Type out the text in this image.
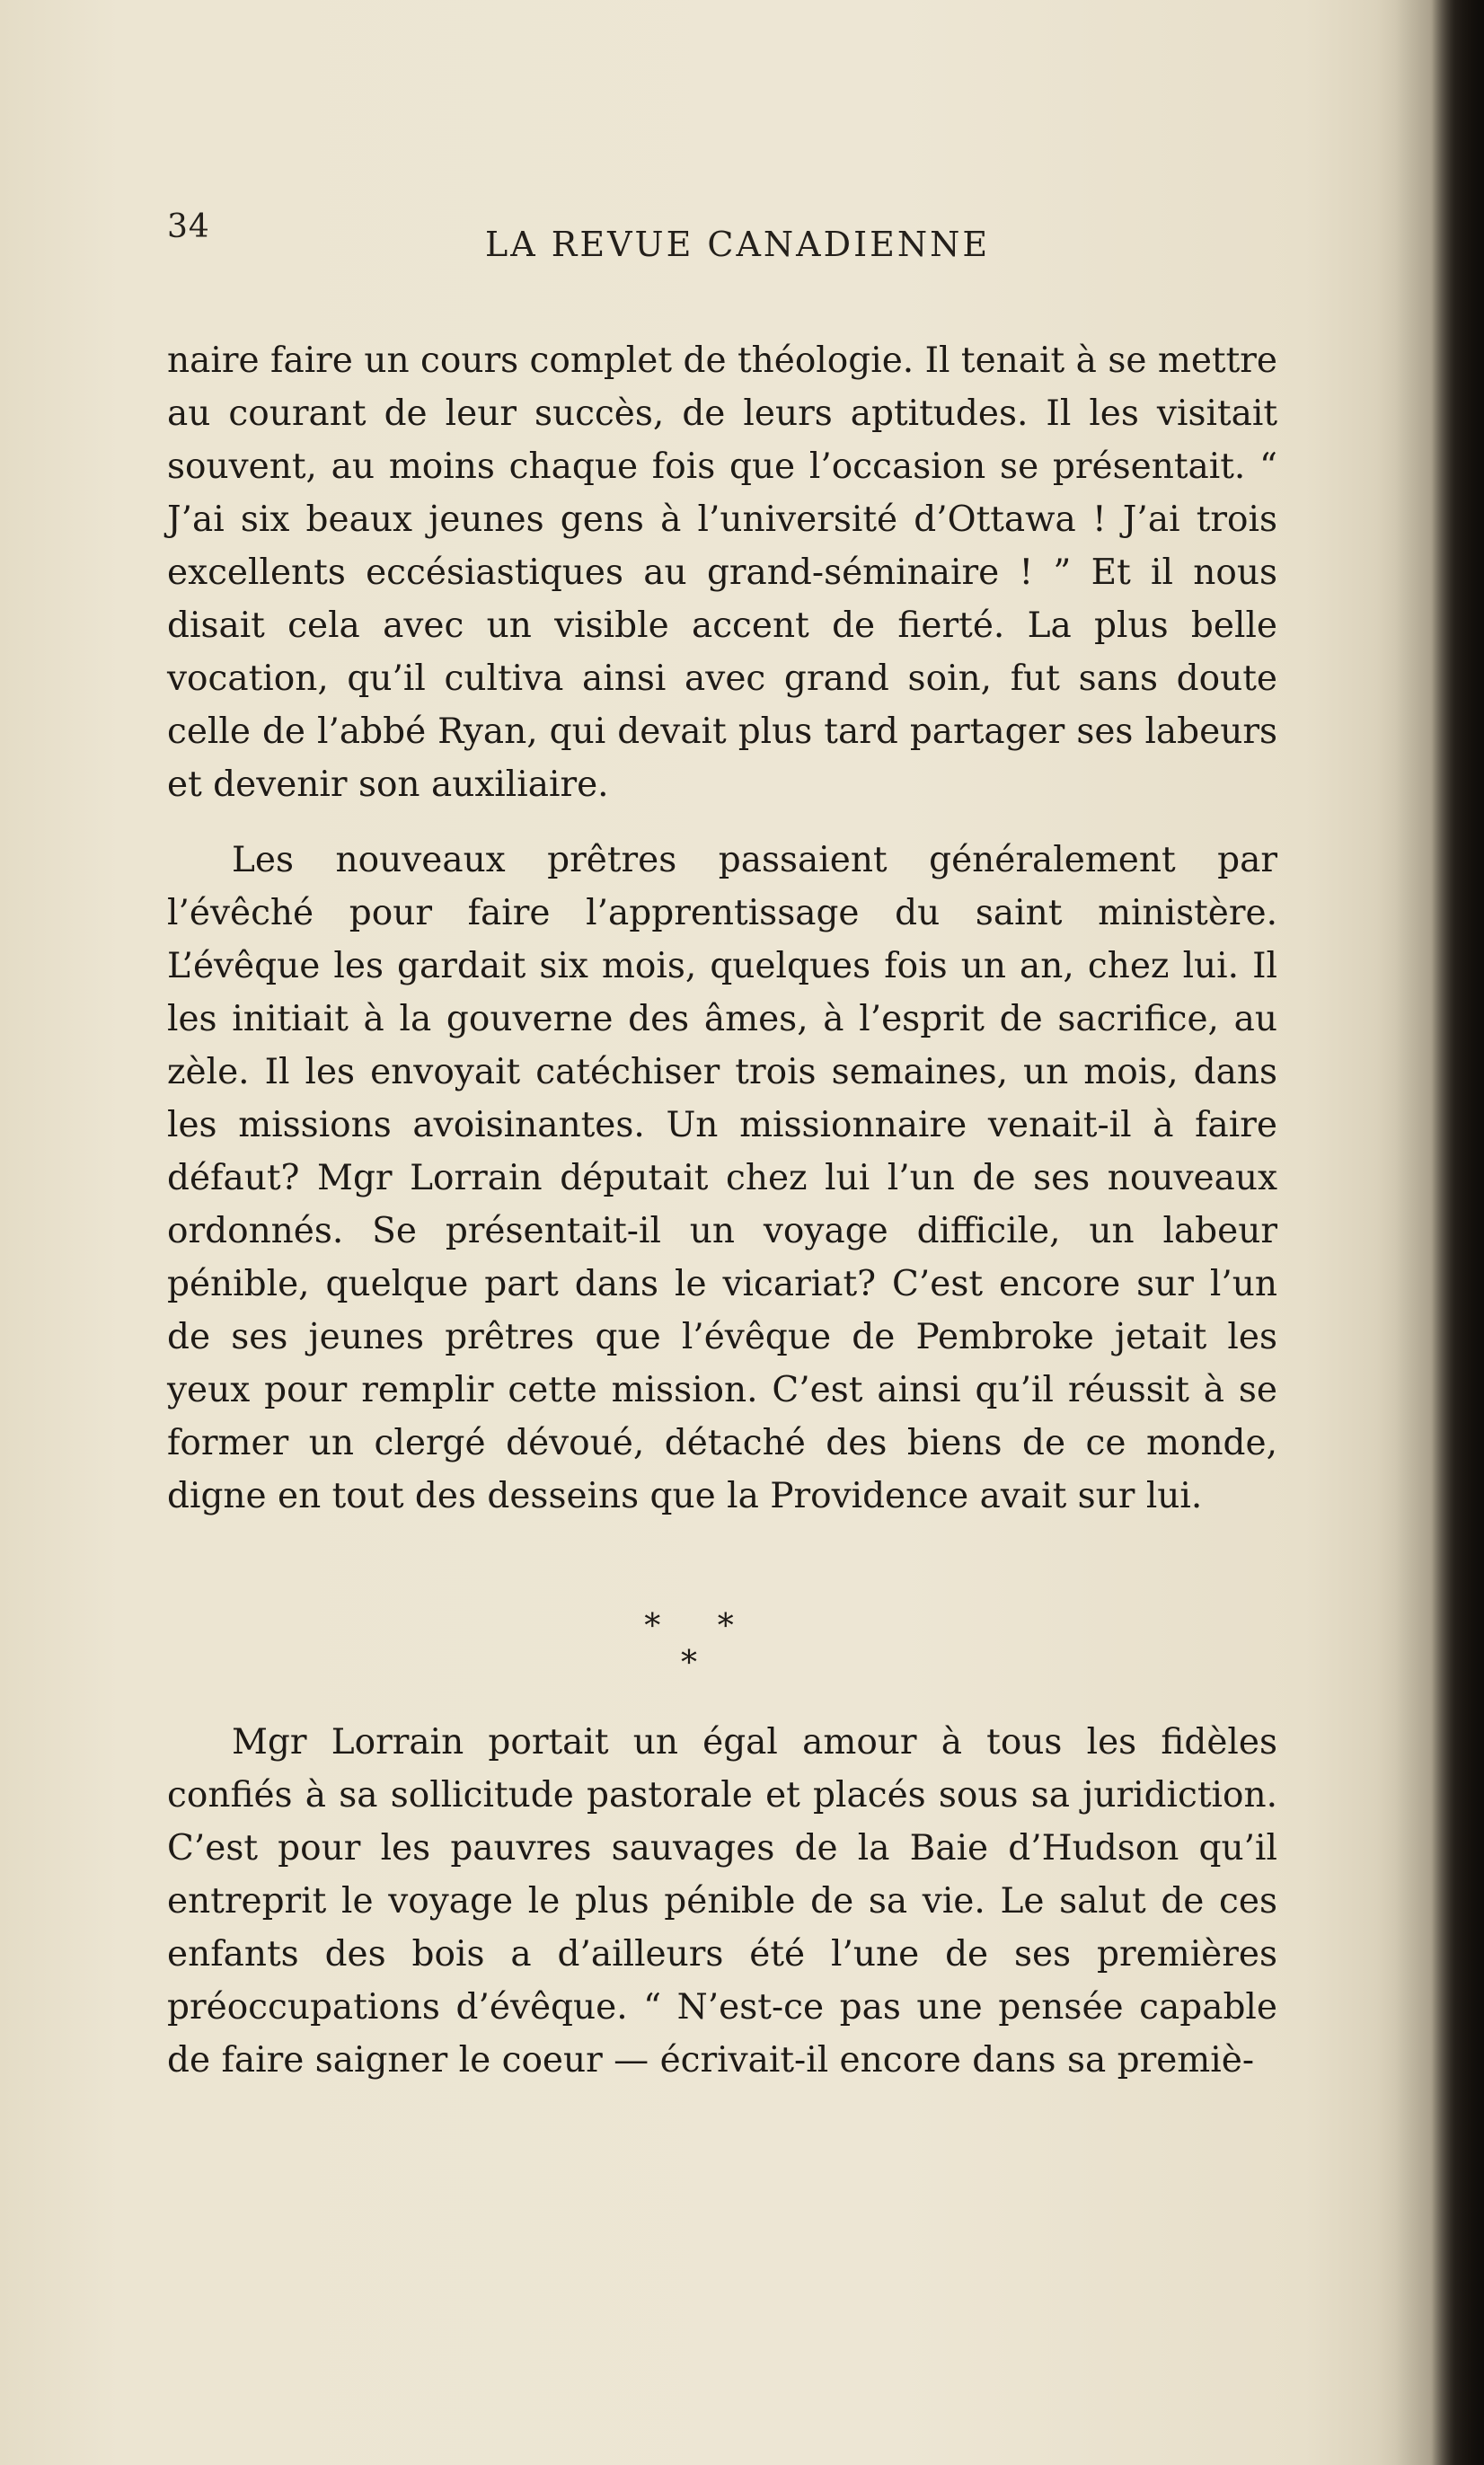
34	LA REVUE CANADIENNE

naire faire un cours complet de théologie. Il tenait à se mettre au courant de leur succès, de leurs aptitudes. Il les visitait souvent, au moins chaque fois que l’occasion se présentait. “ J’ai six beaux jeunes gens à l’université d’Ottawa ! J’ai trois excellents eccésiastiques au grand-séminaire ! ” Et il nous disait cela avec un visible accent de fierté. La plus belle vocation, qu’il cultiva ainsi avec grand soin, fut sans doute celle de l’abbé Ryan, qui devait plus tard partager ses labeurs et devenir son auxiliaire.

Les nouveaux prêtres passaient généralement par l’évêché pour faire l’apprentissage du saint ministère. L’évêque les gardait six mois, quelques fois un an, chez lui. Il les initiait à la gouverne des âmes, à l’esprit de sacrifice, au zèle. Il les envoyait catéchiser trois semaines, un mois, dans les missions avoisinantes. Un missionnaire venait-il à faire défaut? Mgr Lorrain députait chez lui l’un de ses nouveaux ordonnés. Se présentait-il un voyage difficile, un labeur pénible, quelque part dans le vicariat? C’est encore sur l’un de ses jeunes prêtres que l’évêque de Pembroke jetait les yeux pour remplir cette mission. C’est ainsi qu’il réussit à se former un clergé dévoué, détaché des biens de ce monde, digne en tout des desseins que la Providence avait sur lui.

* * *

Mgr Lorrain portait un égal amour à tous les fidèles confiés à sa sollicitude pastorale et placés sous sa juridiction. C’est pour les pauvres sauvages de la Baie d’Hudson qu’il entreprit le voyage le plus pénible de sa vie. Le salut de ces enfants des bois a d’ailleurs été l’une de ses premières préoccupations d’évêque. “ N’est-ce pas une pensée capable de faire saigner le coeur — écrivait-il encore dans sa premiè-
